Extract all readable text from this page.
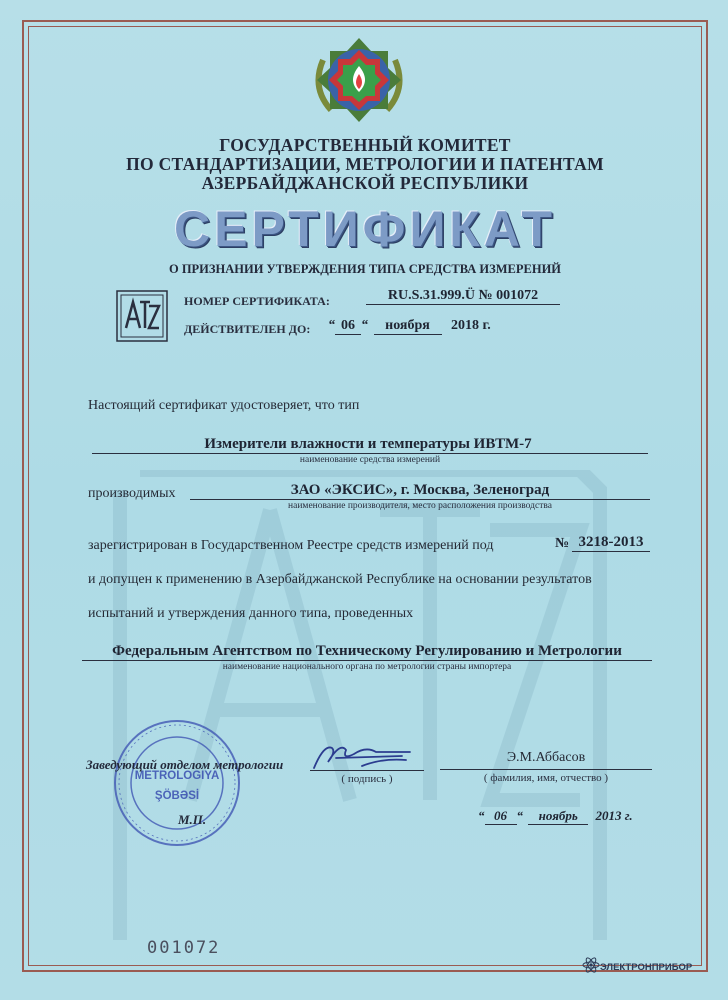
ГОСУДАРСТВЕННЫЙ КОМИТЕТ
ПО СТАНДАРТИЗАЦИИ, МЕТРОЛОГИИ И ПАТЕНТАМ
АЗЕРБАЙДЖАНСКОЙ РЕСПУБЛИКИ
СЕРТИФИКАТ
О ПРИЗНАНИИ УТВЕРЖДЕНИЯ ТИПА СРЕДСТВА ИЗМЕРЕНИЙ
НОМЕР СЕРТИФИКАТА:	RU.S.31.999.Ü № 001072
ДЕЙСТВИТЕЛЕН ДО: “ 06 “ ноября 2018 г.
Настоящий сертификат удостоверяет, что тип
Измерители влажности и температуры ИВТМ-7
наименование средства измерений
производимых	ЗАО «ЭКСИС», г. Москва, Зеленоград
наименование производителя, место расположения производства
зарегистрирован в Государственном Реестре средств измерений под	№ 3218-2013
и допущен к применению в Азербайджанской Республике на основании результатов
испытаний и утверждения данного типа, проведенных
Федеральным Агентством по Техническому Регулированию и Метрологии
наименование национального органа по метрологии страны импортера
METROLOGIYA
ŞÖBƏSİ
Заведующий отделом метрологии
( подпись )
Э.М.Аббасов
( фамилия, имя, отчество )
М.П.	“ 06 “ ноябрь 2013 г.
001072
ЭЛЕКТРОНПРИБОР
